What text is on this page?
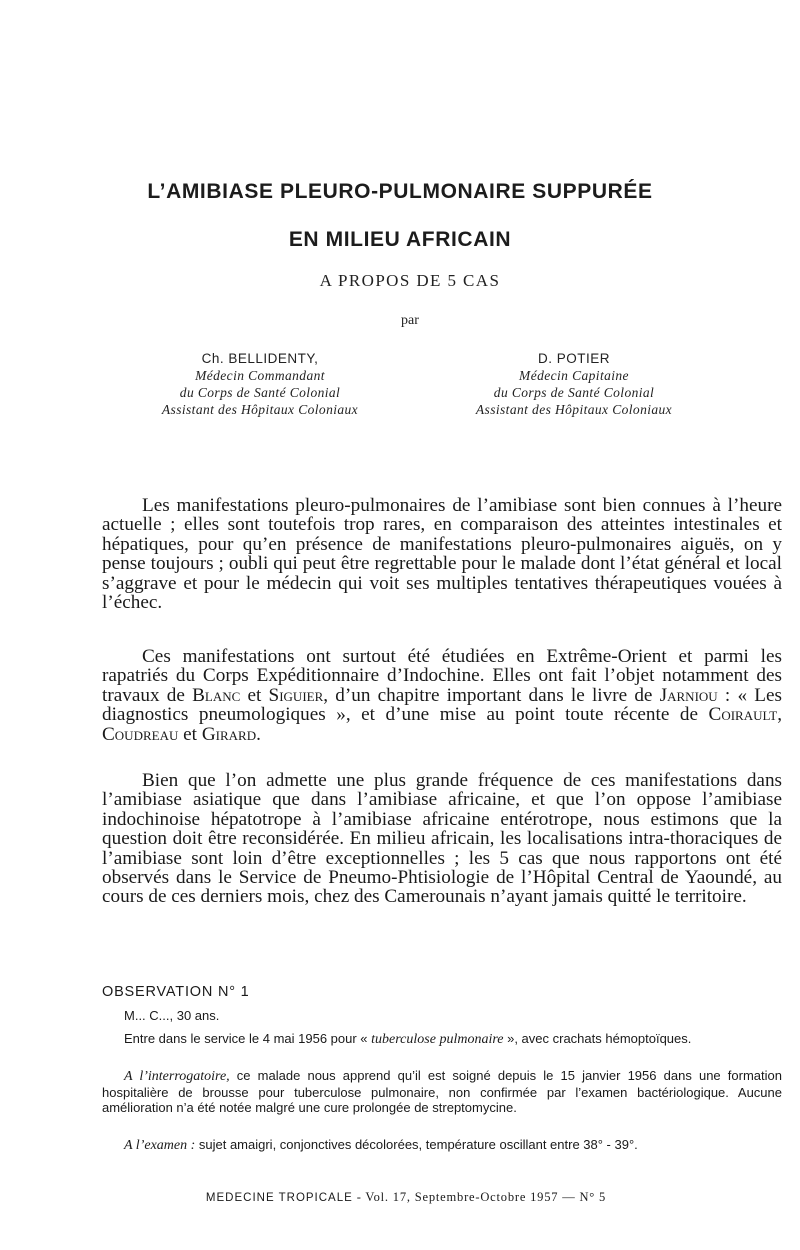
L’AMIBIASE PLEURO-PULMONAIRE SUPPURÉE
EN MILIEU AFRICAIN
A PROPOS DE 5 CAS
par
Ch. BELLIDENTY,
Médecin Commandant
du Corps de Santé Colonial
Assistant des Hôpitaux Coloniaux
D. POTIER
Médecin Capitaine
du Corps de Santé Colonial
Assistant des Hôpitaux Coloniaux

Les manifestations pleuro-pulmonaires de l’amibiase sont bien connues à l’heure actuelle ; elles sont toutefois trop rares, en comparaison des atteintes intestinales et hépatiques, pour qu’en présence de manifestations pleuro-pulmonaires aiguës, on y pense toujours ; oubli qui peut être regrettable pour le malade dont l’état général et local s’aggrave et pour le médecin qui voit ses multiples tentatives thérapeutiques vouées à l’échec.

Ces manifestations ont surtout été étudiées en Extrême-Orient et parmi les rapatriés du Corps Expéditionnaire d’Indochine. Elles ont fait l’objet notamment des travaux de Blanc et Siguier, d’un chapitre important dans le livre de Jarniou : « Les diagnostics pneumologiques », et d’une mise au point toute récente de Coirault, Coudreau et Girard.

Bien que l’on admette une plus grande fréquence de ces manifestations dans l’amibiase asiatique que dans l’amibiase africaine, et que l’on oppose l’amibiase indochinoise hépatotrope à l’amibiase africaine entérotrope, nous estimons que la question doit être reconsidérée. En milieu africain, les localisations intra-thoraciques de l’amibiase sont loin d’être exceptionnelles ; les 5 cas que nous rapportons ont été observés dans le Service de Pneumo-Phtisiologie de l’Hôpital Central de Yaoundé, au cours de ces derniers mois, chez des Camerounais n’ayant jamais quitté le territoire.

OBSERVATION N° 1

M... C..., 30 ans.

Entre dans le service le 4 mai 1956 pour « tuberculose pulmonaire », avec crachats hémoptoïques.

A l’interrogatoire, ce malade nous apprend qu’il est soigné depuis le 15 janvier 1956 dans une formation hospitalière de brousse pour tuberculose pulmonaire, non confirmée par l’examen bactériologique. Aucune amélioration n’a été notée malgré une cure prolongée de streptomycine.

A l’examen : sujet amaigri, conjonctives décolorées, température oscillant entre 38° - 39°.

MEDECINE TROPICALE - Vol. 17, Septembre-Octobre 1957 — N° 5
